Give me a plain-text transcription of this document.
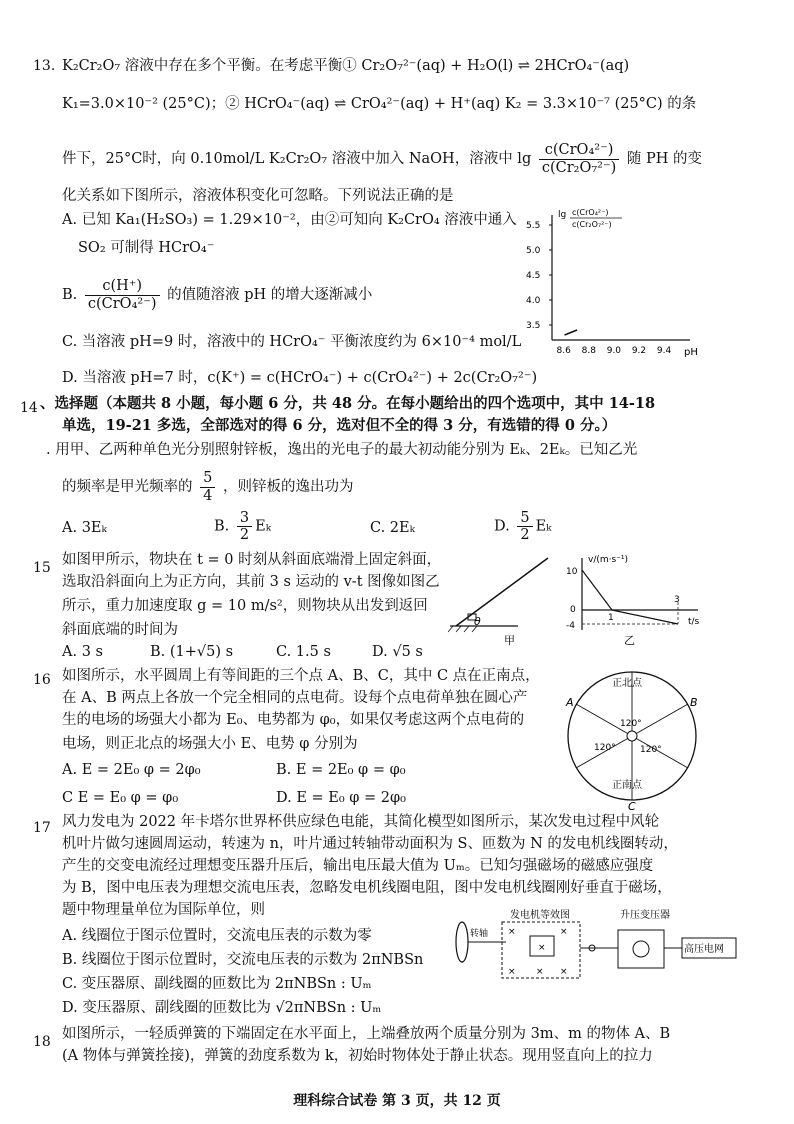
13. K₂Cr₂O₇ 溶液中存在多个平衡。在考虑平衡① Cr₂O₇²⁻(aq) + H₂O(l) ⇌ 2HCrO₄⁻(aq)
K₁=3.0×10⁻² (25°C)；② HCrO₄⁻(aq) ⇌ CrO₄²⁻(aq) + H⁺(aq) K₂ = 3.3×10⁻⁷ (25°C) 的条
件下，25°C时，向 0.10mol/L K₂Cr₂O₇ 溶液中加入 NaOH，溶液中 $\lg \frac{\text{c(CrO₄²⁻)}}{\text{c(Cr₂O₇²⁻)}}$ 随 PH 的变
化关系如下图所示，溶液体积变化可忽略。下列说法正确的是
A. 已知 Ka₁(H₂SO₃) = 1.29×10⁻²，由②可知向 K₂CrO₄ 溶液中通入
SO₂ 可制得 HCrO₄⁻
B. $\frac{c(H^+)}{\text{c(CrO₄²⁻)}}$ 的值随溶液 pH 的增大逐渐减小
C. 当溶液 pH=9 时，溶液中的 HCrO₄⁻ 平衡浓度约为 6×10⁻⁴ mol/L
D. 当溶液 pH=7 时，c(K⁺) = c(HCrO₄⁻) + c(CrO₄²⁻) + 2c(Cr₂O₇²⁻)
lg c(CrO₄²⁻)
c(Cr₂O₇²⁻)
3.5
4.0
4.5
5.0
5.5
8.6 8.8 9.0 9.2 9.4 pH
14 、选择题（本题共 8 小题，每小题 6 分，共 48 分。在每小题给出的四个选项中，其中 14-18
单选，19-21 多选，全部选对的得 6 分，选对但不全的得 3 分，有选错的得 0 分。）
. 用甲、乙两种单色光分别照射锌板，逸出的光电子的最大初动能分别为 Eₖ、2Eₖ。已知乙光
的频率是甲光频率的 $\frac{5}{4}$ ，则锌板的逸出功为
A. 3Eₖ	B. $\frac{3}{2}$ Eₖ	C. 2Eₖ	D. $\frac{5}{2}$ Eₖ
15 如图甲所示，物块在 t = 0 时刻从斜面底端滑上固定斜面，
选取沿斜面向上为正方向，其前 3 s 运动的 v-t 图像如图乙
所示，重力加速度取 g = 10 m/s²，则物块从出发到返回
斜面底端的时间为
A. 3 s	B. (1+√5) s	C. 1.5 s	D. √5 s
θ
甲
v/(m·s⁻¹)
10
0
-4
1
3
t/s
乙
16 如图所示，水平圆周上有等间距的三个点 A、B、C，其中 C 点在正南点，
在 A、B 两点上各放一个完全相同的点电荷。设每个点电荷单独在圆心产
生的电场的场强大小都为 E₀、电势都为 φ₀，如果仅考虑这两个点电荷的
电场，则正北点的场强大小 E、电势 φ 分别为
A. E = 2E₀ φ = 2φ₀	B. E = 2E₀ φ = φ₀
C E = E₀ φ = φ₀	D. E = E₀ φ = 2φ₀
正北点
正南点
120°
120°	120°
A	B
C
17 风力发电为 2022 年卡塔尔世界杯供应绿色电能，其简化模型如图所示，某次发电过程中风轮
机叶片做匀速圆周运动，转速为 n，叶片通过转轴带动面积为 S、匝数为 N 的发电机线圈转动，
产生的交变电流经过理想变压器升压后，输出电压最大值为 Uₘ。已知匀强磁场的磁感应强度
为 B，图中电压表为理想交流电压表，忽略发电机线圈电阻，图中发电机线圈刚好垂直于磁场，
题中物理量单位为国际单位，则
A. 线圈位于图示位置时，交流电压表的示数为零
B. 线圈位于图示位置时，交流电压表的示数为 2πNBSn
C. 变压器原、副线圈的匝数比为 2πNBSn : Uₘ
D. 变压器原、副线圈的匝数比为 √2πNBSn : Uₘ
转轴
发电机等效图
×	×
× × ×
×
升压变压器
高压电网
18 如图所示，一轻质弹簧的下端固定在水平面上，上端叠放两个质量分别为 3m、m 的物体 A、B
(A 物体与弹簧拴接)，弹簧的劲度系数为 k，初始时物体处于静止状态。现用竖直向上的拉力
理科综合试卷 第 3 页，共 12 页
